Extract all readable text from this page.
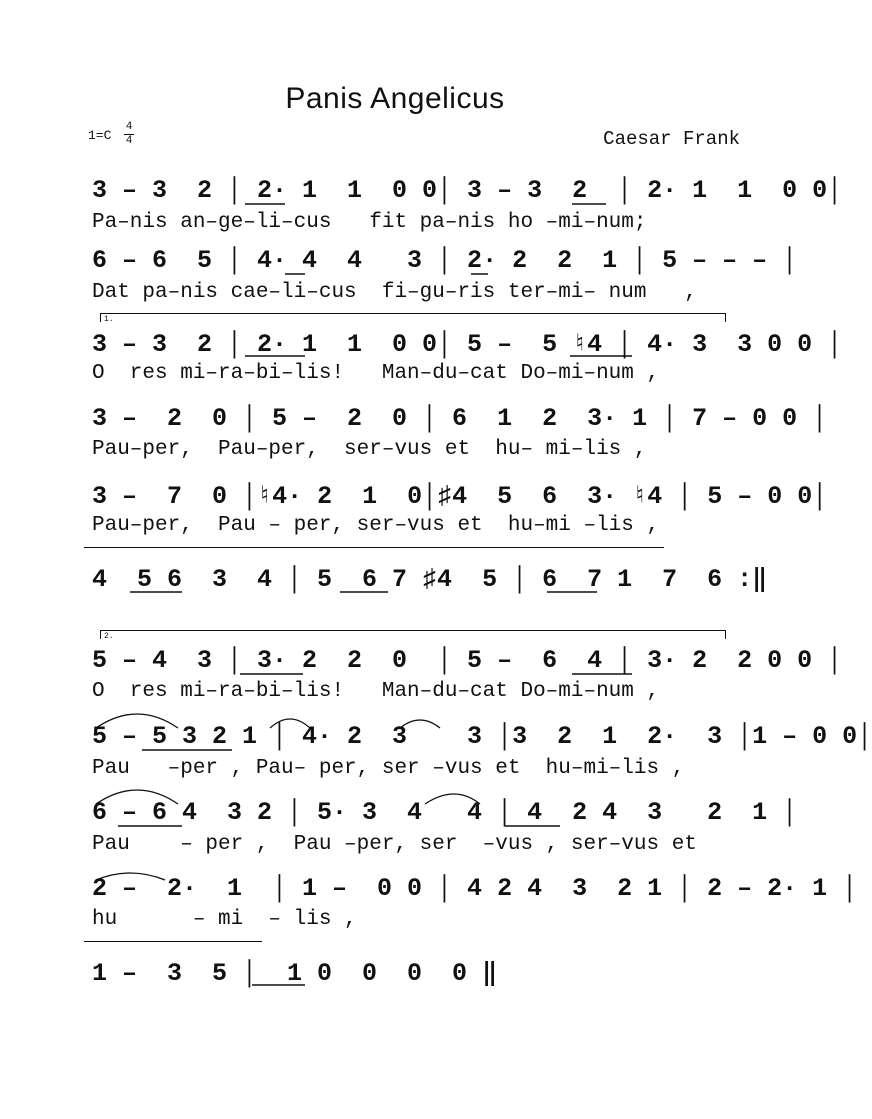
Panis Angelicus
1=C
4
4	Caesar Frank
3 – 3  2 │ 2· 1  1  0 0│ 3 – 3  2  │ 2· 1  1  0 0│
Pa–nis an–ge–li–cus   fit pa–nis ho –mi–num;
6 – 6  5 │ 4· 4  4   3 │ 2· 2  2  1 │ 5 – – – │
Dat pa–nis cae–li–cus  fi–gu–ris ter–mi– num   ,
1.
3 – 3  2 │ 2· 1  1  0 0│ 5 –  5 ♮4 │ 4· 3  3 0 0 │
O  res mi–ra–bi–lis!   Man–du–cat Do–mi–num ,
3 –  2  0 │ 5 –  2  0 │ 6  1  2  3· 1 │ 7 – 0 0 │
Pau–per,  Pau–per,  ser–vus et  hu– mi–lis ,
3 –  7  0 │♮4· 2  1  0│♯4  5  6  3· ♮4 │ 5 – 0 0│
Pau–per,  Pau – per, ser–vus et  hu–mi –lis ,
4  5 6  3  4 │ 5  6 7 ♯4  5 │ 6  7 1  7  6 :‖
2.
5 – 4  3 │ 3· 2  2  0  │ 5 –  6  4 │ 3· 2  2 0 0 │
O  res mi–ra–bi–lis!   Man–du–cat Do–mi–num ,
5 – 5 3 2 1 │ 4· 2  3    3 │3  2  1  2·  3 │1 – 0 0│
Pau   –per , Pau– per, ser –vus et  hu–mi–lis ,
6 – 6 4  3 2 │ 5· 3  4   4 │ 4  2 4  3   2  1 │
Pau    – per ,  Pau –per, ser  –vus , ser–vus et
2 –  2·  1  │ 1 –  0 0 │ 4 2 4  3  2 1 │ 2 – 2· 1 │
hu      – mi  – lis ,
1 –  3  5 │  1 0  0  0  0 ‖
